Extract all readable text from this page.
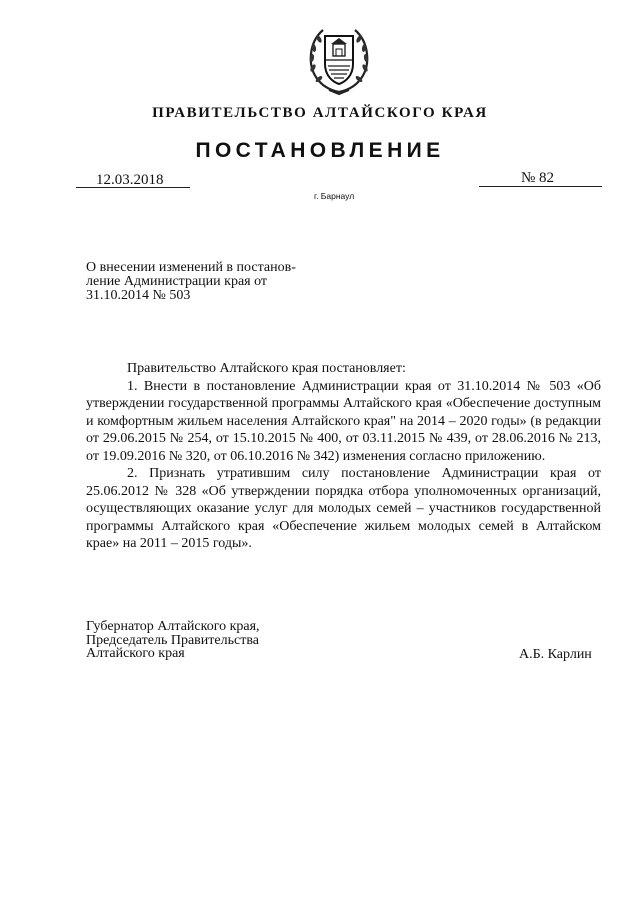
ПРАВИТЕЛЬСТВО АЛТАЙСКОГО КРАЯ
ПОСТАНОВЛЕНИЕ
12.03.2018	№ 82
г. Барнаул
О внесении изменений в постанов-
ление Администрации края от
31.10.2014 № 503

Правительство Алтайского края постановляет:

1. Внести в постановление Администрации края от 31.10.2014 № 503 «Об утверждении государственной программы Алтайского края «Обеспечение доступным и комфортным жильем населения Алтайского края" на 2014 – 2020 годы» (в редакции от 29.06.2015 № 254, от 15.10.2015 № 400, от 03.11.2015 № 439, от 28.06.2016 № 213, от 19.09.2016 № 320, от 06.10.2016 № 342) изменения согласно приложению.

2. Признать утратившим силу постановление Администрации края от 25.06.2012 № 328 «Об утверждении порядка отбора уполномоченных организаций, осуществляющих оказание услуг для молодых семей – участников государственной программы Алтайского края «Обеспечение жильем молодых семей в Алтайском крае» на 2011 – 2015 годы».

Губернатор Алтайского края,
Председатель Правительства
Алтайского края	А.Б. Карлин
